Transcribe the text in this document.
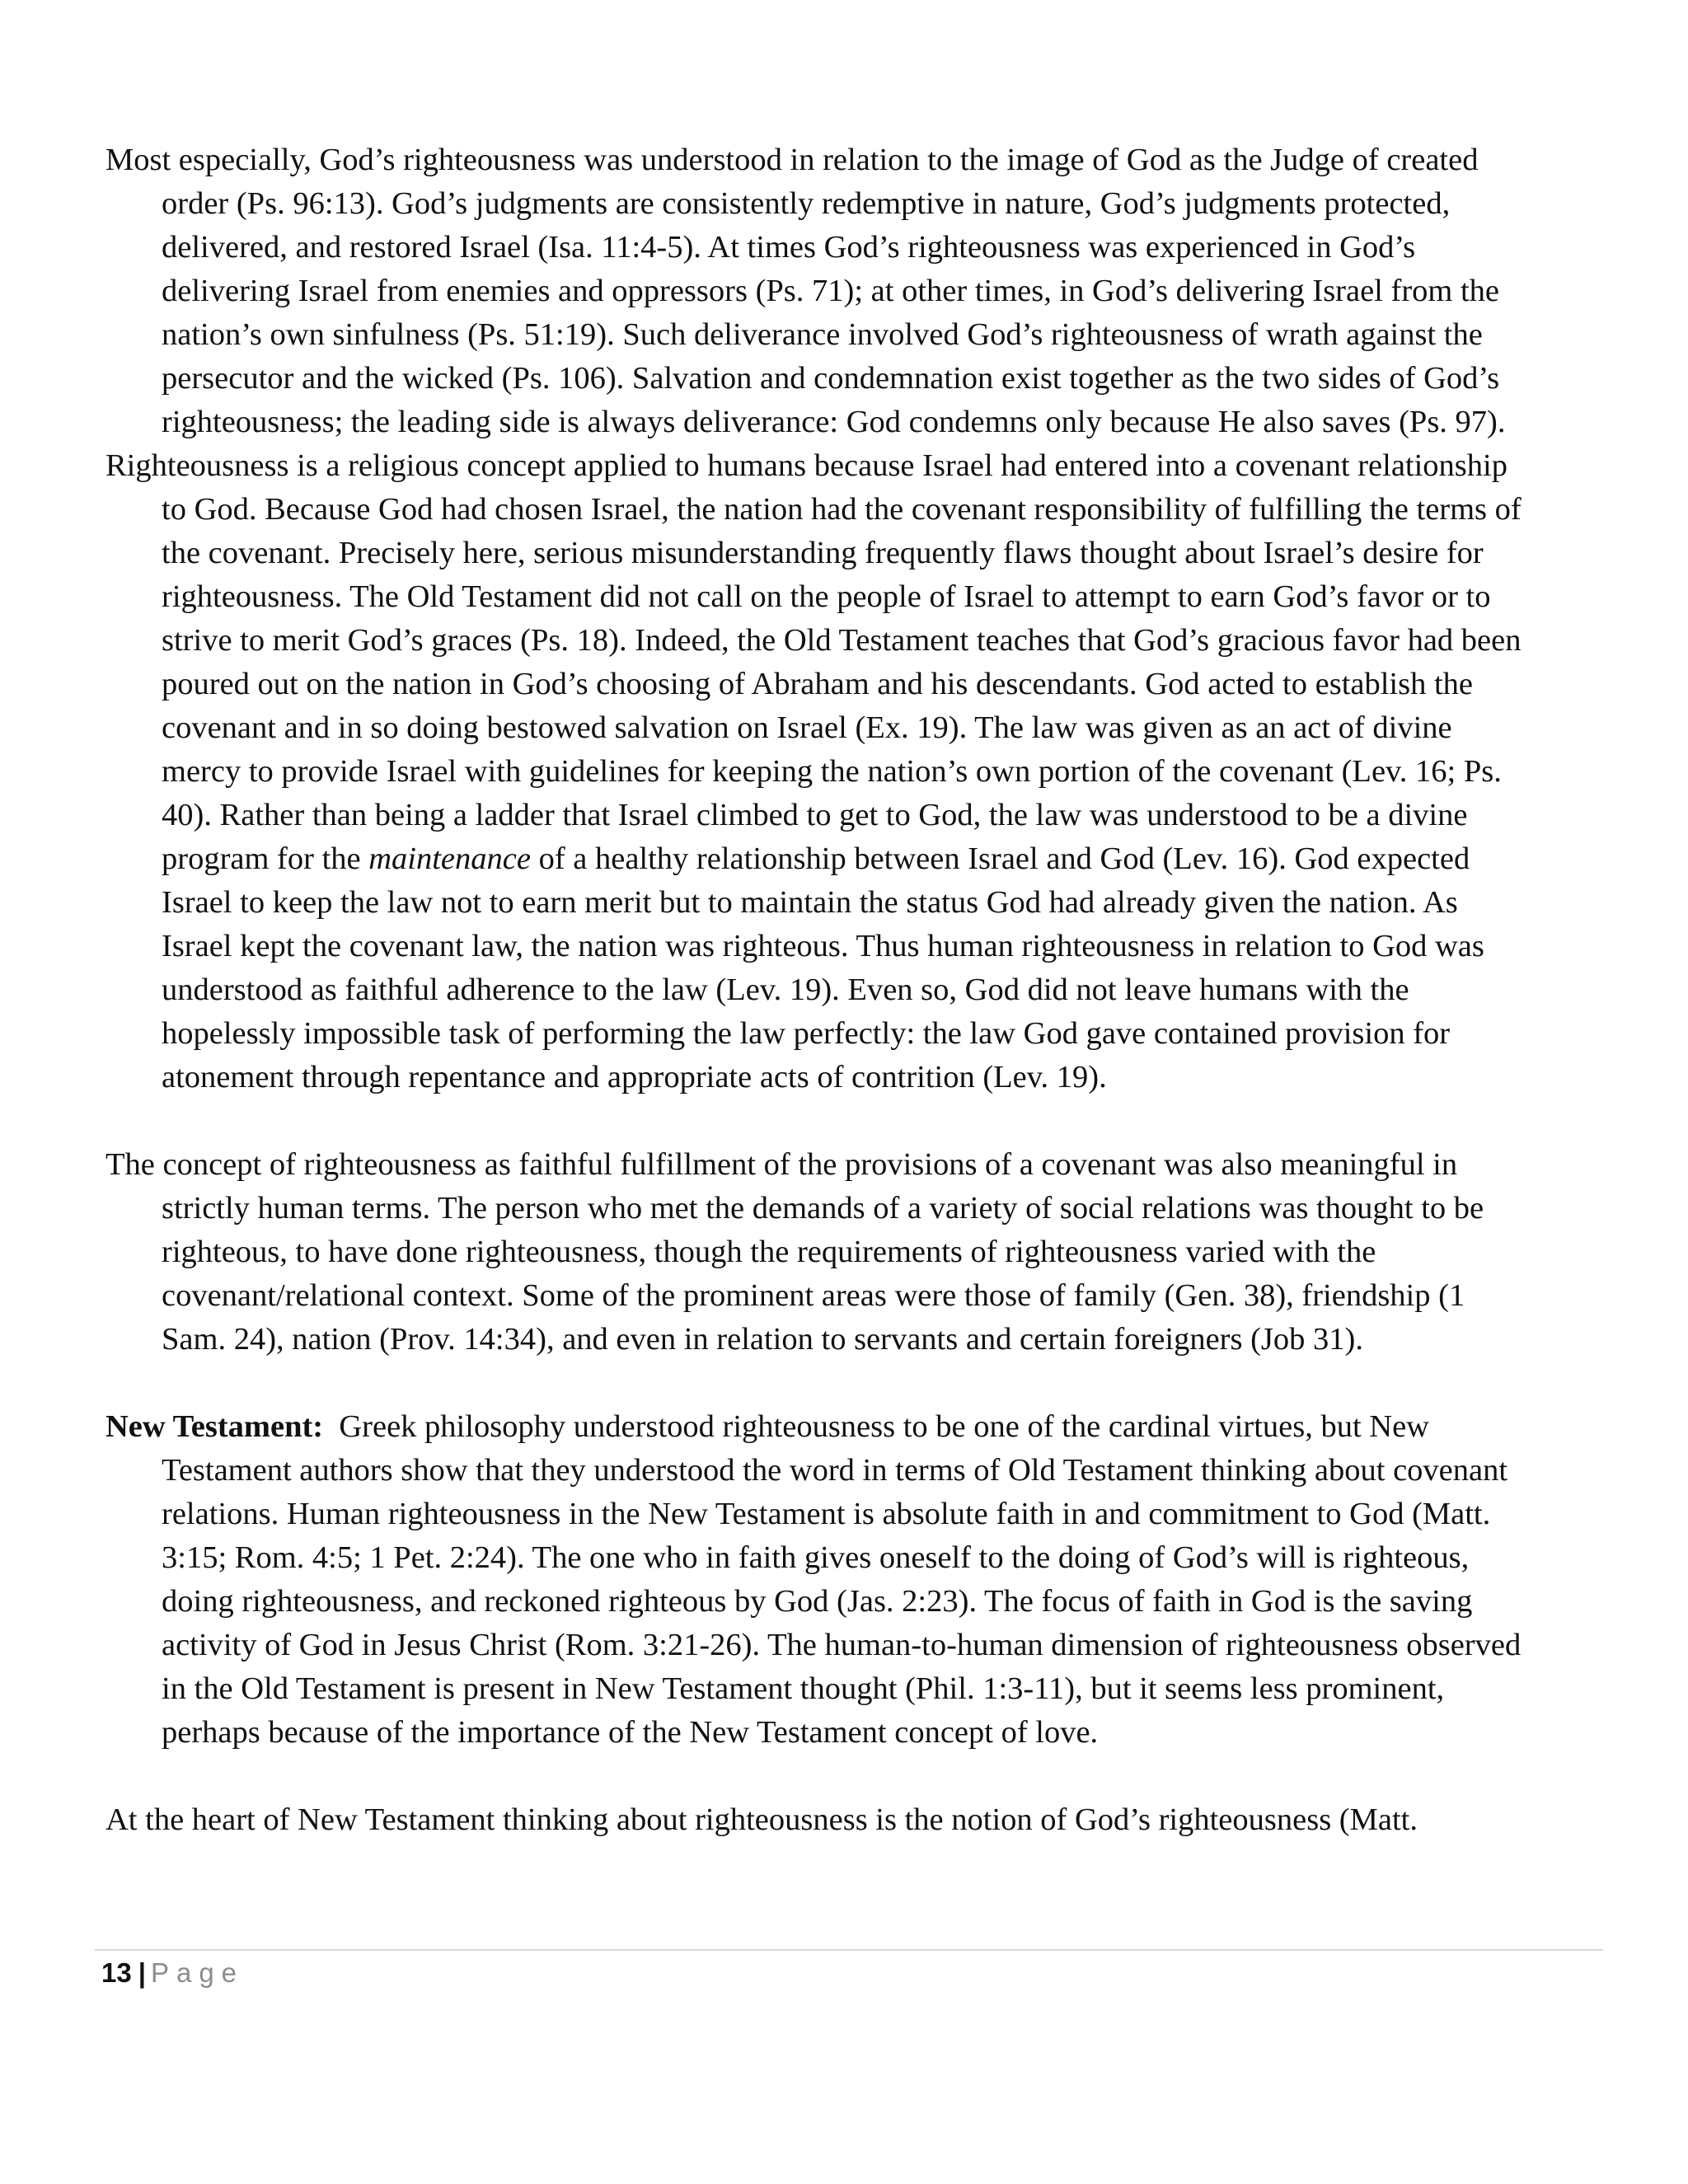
Most especially, God’s righteousness was understood in relation to the image of God as the Judge of created order (Ps. 96:13). God’s judgments are consistently redemptive in nature, God’s judgments protected, delivered, and restored Israel (Isa. 11:4-5). At times God’s righteousness was experienced in God’s delivering Israel from enemies and oppressors (Ps. 71); at other times, in God’s delivering Israel from the nation’s own sinfulness (Ps. 51:19). Such deliverance involved God’s righteousness of wrath against the persecutor and the wicked (Ps. 106). Salvation and condemnation exist together as the two sides of God’s righteousness; the leading side is always deliverance: God condemns only because He also saves (Ps. 97).

Righteousness is a religious concept applied to humans because Israel had entered into a covenant relationship to God. Because God had chosen Israel, the nation had the covenant responsibility of fulfilling the terms of the covenant. Precisely here, serious misunderstanding frequently flaws thought about Israel’s desire for righteousness. The Old Testament did not call on the people of Israel to attempt to earn God’s favor or to strive to merit God’s graces (Ps. 18). Indeed, the Old Testament teaches that God’s gracious favor had been poured out on the nation in God’s choosing of Abraham and his descendants. God acted to establish the covenant and in so doing bestowed salvation on Israel (Ex. 19). The law was given as an act of divine mercy to provide Israel with guidelines for keeping the nation’s own portion of the covenant (Lev. 16; Ps. 40). Rather than being a ladder that Israel climbed to get to God, the law was understood to be a divine program for the maintenance of a healthy relationship between Israel and God (Lev. 16). God expected Israel to keep the law not to earn merit but to maintain the status God had already given the nation. As Israel kept the covenant law, the nation was righteous. Thus human righteousness in relation to God was understood as faithful adherence to the law (Lev. 19). Even so, God did not leave humans with the hopelessly impossible task of performing the law perfectly: the law God gave contained provision for atonement through repentance and appropriate acts of contrition (Lev. 19).

The concept of righteousness as faithful fulfillment of the provisions of a covenant was also meaningful in strictly human terms. The person who met the demands of a variety of social relations was thought to be righteous, to have done righteousness, though the requirements of righteousness varied with the covenant/relational context. Some of the prominent areas were those of family (Gen. 38), friendship (1 Sam. 24), nation (Prov. 14:34), and even in relation to servants and certain foreigners (Job 31).

New Testament:  Greek philosophy understood righteousness to be one of the cardinal virtues, but New Testament authors show that they understood the word in terms of Old Testament thinking about covenant relations. Human righteousness in the New Testament is absolute faith in and commitment to God (Matt. 3:15; Rom. 4:5; 1 Pet. 2:24). The one who in faith gives oneself to the doing of God’s will is righteous, doing righteousness, and reckoned righteous by God (Jas. 2:23). The focus of faith in God is the saving activity of God in Jesus Christ (Rom. 3:21-26). The human-to-human dimension of righteousness observed in the Old Testament is present in New Testament thought (Phil. 1:3-11), but it seems less prominent, perhaps because of the importance of the New Testament concept of love.

At the heart of New Testament thinking about righteousness is the notion of God’s righteousness (Matt.

13 | Page
